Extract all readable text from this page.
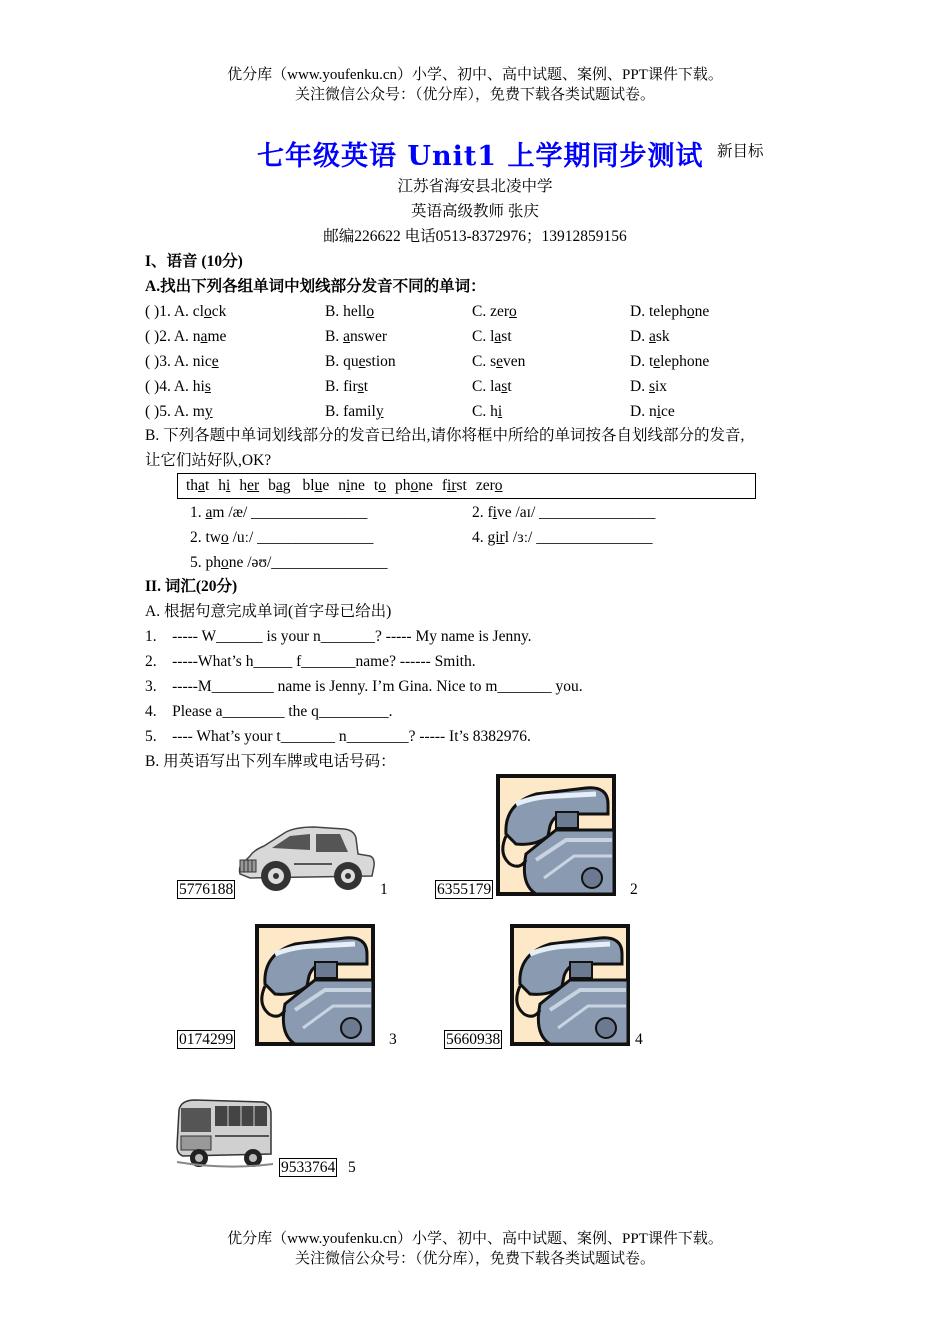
优分库（www.youfenku.cn）小学、初中、高中试题、案例、PPT课件下载。
关注微信公众号：（优分库），免费下载各类试题试卷。
七年级英语 Unit1 上学期同步测试 新目标
江苏省海安县北凌中学
英语高级教师 张庆
邮编226622 电话0513-8372976；13912859156
I、语音 (10分)
A.找出下列各组单词中划线部分发音不同的单词：
( )1. A. clock	B. hello	C. zero	D. telephone
( )2. A. name	B. answer	C. last	D. ask
( )3. A. nice	B. question	C. seven	D. telephone
( )4. A. his	B. first	C. last	D. six
( )5. A. my	B. family	C. hi	D. nice
B. 下列各题中单词划线部分的发音已给出,请你将框中所给的单词按各自划线部分的发音,
让它们站好队,OK?
that hi her bag blue nine to phone first zero
1. am /æ/ _______________	2. five /aɪ/ _______________
2. two /uː/ _______________	4. girl /ɜː/ _______________
5. phone /əʊ/_______________
II. 词汇(20分)
A. 根据句意完成单词(首字母已给出)
1.    ----- W______ is your n_______? ----- My name is Jenny.
2.    -----What’s h_____ f_______name? ------ Smith.
3.    -----M________ name is Jenny. I’m Gina. Nice to m_______ you.
4.    Please a________ the q_________.
5.    ---- What’s your t_______ n________? ----- It’s 8382976.
B. 用英语写出下列车牌或电话号码：
5776188	1	6355179	2
0174299	3	5660938	4
9533764 5
优分库（www.youfenku.cn）小学、初中、高中试题、案例、PPT课件下载。
关注微信公众号：（优分库），免费下载各类试题试卷。
